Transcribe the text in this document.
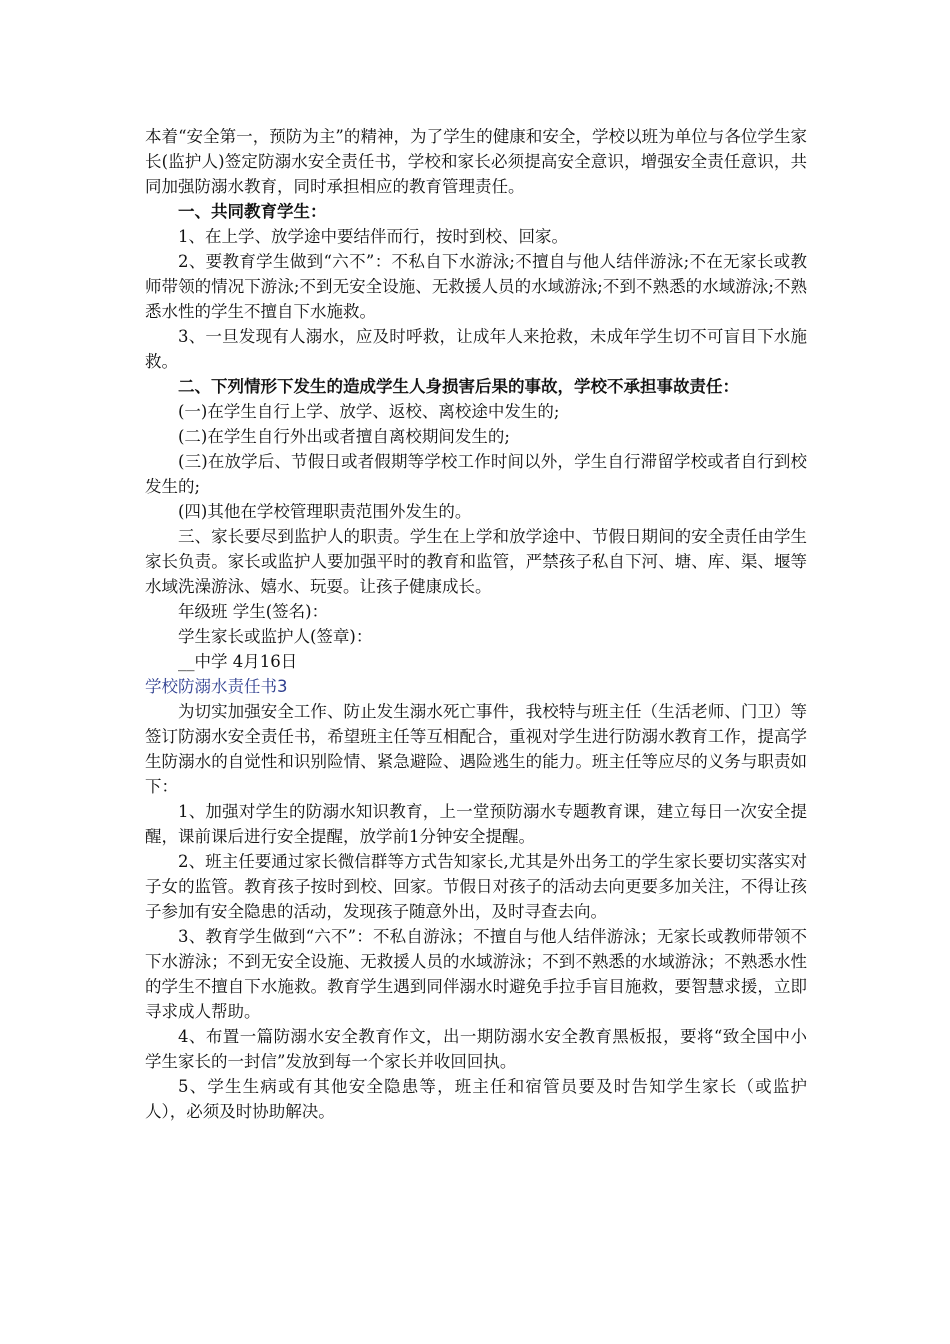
本着“安全第一，预防为主”的精神，为了学生的健康和安全，学校以班为单位与各位学生家长(监护人)签定防溺水安全责任书，学校和家长必须提高安全意识，增强安全责任意识，共同加强防溺水教育，同时承担相应的教育管理责任。

一、共同教育学生：

1、在上学、放学途中要结伴而行，按时到校、回家。

2、要教育学生做到“六不”：不私自下水游泳;不擅自与他人结伴游泳;不在无家长或教师带领的情况下游泳;不到无安全设施、无救援人员的水域游泳;不到不熟悉的水域游泳;不熟悉水性的学生不擅自下水施救。

3、一旦发现有人溺水，应及时呼救，让成年人来抢救，未成年学生切不可盲目下水施救。

二、下列情形下发生的造成学生人身损害后果的事故，学校不承担事故责任：

(一)在学生自行上学、放学、返校、离校途中发生的;

(二)在学生自行外出或者擅自离校期间发生的;

(三)在放学后、节假日或者假期等学校工作时间以外，学生自行滞留学校或者自行到校发生的;

(四)其他在学校管理职责范围外发生的。

三、家长要尽到监护人的职责。学生在上学和放学途中、节假日期间的安全责任由学生家长负责。家长或监护人要加强平时的教育和监管，严禁孩子私自下河、塘、库、渠、堰等水域洗澡游泳、嬉水、玩耍。让孩子健康成长。

年级班 学生(签名)：

学生家长或监护人(签章)：

__中学 4月16日

学校防溺水责任书3

为切实加强安全工作、防止发生溺水死亡事件，我校特与班主任（生活老师、门卫）等签订防溺水安全责任书，希望班主任等互相配合，重视对学生进行防溺水教育工作，提高学生防溺水的自觉性和识别险情、紧急避险、遇险逃生的能力。班主任等应尽的义务与职责如下：

1、加强对学生的防溺水知识教育，上一堂预防溺水专题教育课，建立每日一次安全提醒，课前课后进行安全提醒，放学前1分钟安全提醒。

2、班主任要通过家长微信群等方式告知家长,尤其是外出务工的学生家长要切实落实对子女的监管。教育孩子按时到校、回家。节假日对孩子的活动去向更要多加关注，不得让孩子参加有安全隐患的活动，发现孩子随意外出，及时寻查去向。

3、教育学生做到“六不”：不私自游泳；不擅自与他人结伴游泳；无家长或教师带领不下水游泳；不到无安全设施、无救援人员的水域游泳；不到不熟悉的水域游泳；不熟悉水性的学生不擅自下水施救。教育学生遇到同伴溺水时避免手拉手盲目施救，要智慧求援，立即寻求成人帮助。

4、布置一篇防溺水安全教育作文，出一期防溺水安全教育黑板报，要将“致全国中小学生家长的一封信”发放到每一个家长并收回回执。

5、学生生病或有其他安全隐患等，班主任和宿管员要及时告知学生家长（或监护人），必须及时协助解决。
